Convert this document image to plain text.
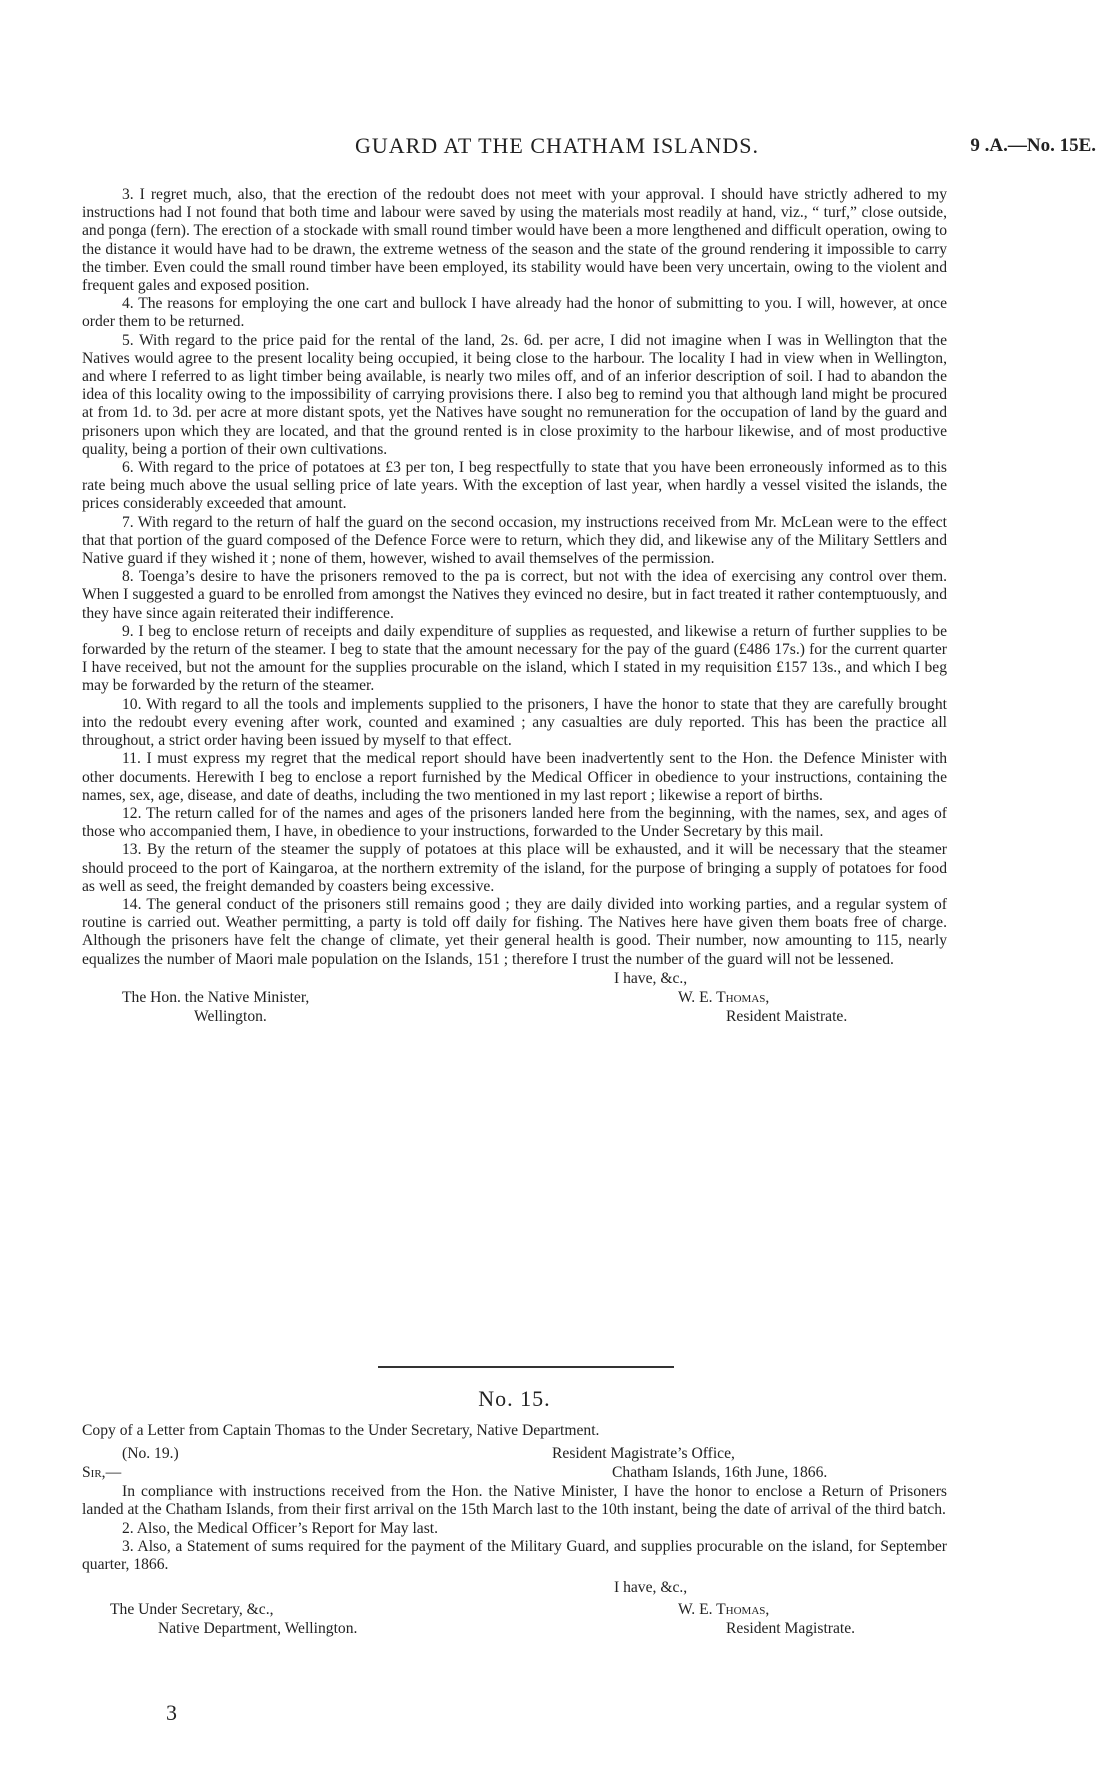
GUARD AT THE CHATHAM ISLANDS.	9 .A.—No. 15E.

3. I regret much, also, that the erection of the redoubt does not meet with your approval. I should have strictly adhered to my instructions had I not found that both time and labour were saved by using the materials most readily at hand, viz., “ turf,” close outside, and ponga (fern). The erection of a stockade with small round timber would have been a more lengthened and difficult operation, owing to the distance it would have had to be drawn, the extreme wetness of the season and the state of the ground rendering it impossible to carry the timber. Even could the small round timber have been employed, its stability would have been very uncertain, owing to the violent and frequent gales and exposed position.

4. The reasons for employing the one cart and bullock I have already had the honor of submitting to you. I will, however, at once order them to be returned.

5. With regard to the price paid for the rental of the land, 2s. 6d. per acre, I did not imagine when I was in Wellington that the Natives would agree to the present locality being occupied, it being close to the harbour. The locality I had in view when in Wellington, and where I referred to as light timber being available, is nearly two miles off, and of an inferior description of soil. I had to abandon the idea of this locality owing to the impossibility of carrying provisions there. I also beg to remind you that although land might be procured at from 1d. to 3d. per acre at more distant spots, yet the Natives have sought no remuneration for the occupation of land by the guard and prisoners upon which they are located, and that the ground rented is in close proximity to the harbour likewise, and of most productive quality, being a portion of their own cultivations.

6. With regard to the price of potatoes at £3 per ton, I beg respectfully to state that you have been erroneously informed as to this rate being much above the usual selling price of late years. With the exception of last year, when hardly a vessel visited the islands, the prices considerably exceeded that amount.

7. With regard to the return of half the guard on the second occasion, my instructions received from Mr. McLean were to the effect that that portion of the guard composed of the Defence Force were to return, which they did, and likewise any of the Military Settlers and Native guard if they wished it ; none of them, however, wished to avail themselves of the permission.

8. Toenga’s desire to have the prisoners removed to the pa is correct, but not with the idea of exercising any control over them. When I suggested a guard to be enrolled from amongst the Natives they evinced no desire, but in fact treated it rather contemptuously, and they have since again reiterated their indifference.

9. I beg to enclose return of receipts and daily expenditure of supplies as requested, and likewise a return of further supplies to be forwarded by the return of the steamer. I beg to state that the amount necessary for the pay of the guard (£486 17s.) for the current quarter I have received, but not the amount for the supplies procurable on the island, which I stated in my requisition £157 13s., and which I beg may be forwarded by the return of the steamer.

10. With regard to all the tools and implements supplied to the prisoners, I have the honor to state that they are carefully brought into the redoubt every evening after work, counted and examined ; any casualties are duly reported. This has been the practice all throughout, a strict order having been issued by myself to that effect.

11. I must express my regret that the medical report should have been inadvertently sent to the Hon. the Defence Minister with other documents. Herewith I beg to enclose a report furnished by the Medical Officer in obedience to your instructions, containing the names, sex, age, disease, and date of deaths, including the two mentioned in my last report ; likewise a report of births.

12. The return called for of the names and ages of the prisoners landed here from the beginning, with the names, sex, and ages of those who accompanied them, I have, in obedience to your instructions, forwarded to the Under Secretary by this mail.

13. By the return of the steamer the supply of potatoes at this place will be exhausted, and it will be necessary that the steamer should proceed to the port of Kaingaroa, at the northern extremity of the island, for the purpose of bringing a supply of potatoes for food as well as seed, the freight demanded by coasters being excessive.

14. The general conduct of the prisoners still remains good ; they are daily divided into working parties, and a regular system of routine is carried out. Weather permitting, a party is told off daily for fishing. The Natives here have given them boats free of charge. Although the prisoners have felt the change of climate, yet their general health is good. Their number, now amounting to 115, nearly equalizes the number of Maori male population on the Islands, 151 ; therefore I trust the number of the guard will not be lessened.

I have, &c.,
The Hon. the Native Minister,	W. E. Thomas,
Wellington.	Resident Maistrate.
No. 15.

Copy of a Letter from Captain Thomas to the Under Secretary, Native Department.

(No. 19.)	Resident Magistrate’s Office,
Sir,—	Chatham Islands, 16th June, 1866.

In compliance with instructions received from the Hon. the Native Minister, I have the honor to enclose a Return of Prisoners landed at the Chatham Islands, from their first arrival on the 15th March last to the 10th instant, being the date of arrival of the third batch.

2. Also, the Medical Officer’s Report for May last.

3. Also, a Statement of sums required for the payment of the Military Guard, and supplies procurable on the island, for September quarter, 1866.

I have, &c.,
The Under Secretary, &c.,	W. E. Thomas,
Native Department, Wellington.	Resident Magistrate.
3
